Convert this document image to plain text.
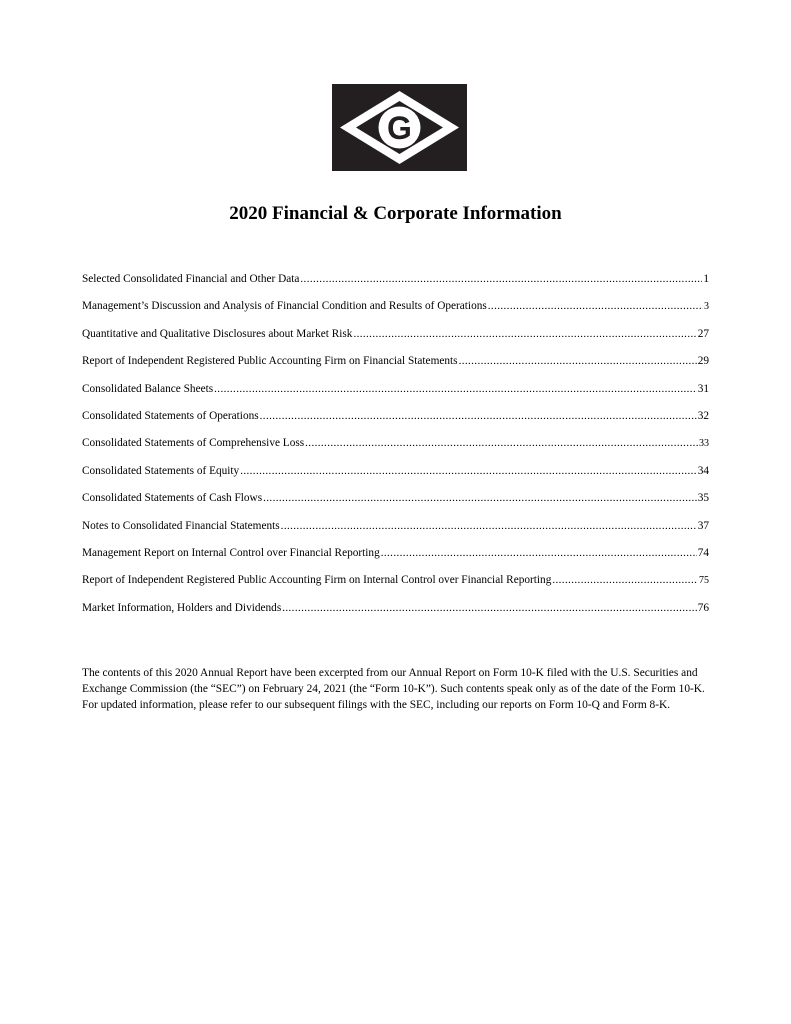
G
2020 Financial & Corporate Information
Selected Consolidated Financial and Other Data .....	1
Management’s Discussion and Analysis of Financial Condition and Results of Operations .....	3
Quantitative and Qualitative Disclosures about Market Risk .....	27
Report of Independent Registered Public Accounting Firm on Financial Statements .....	29
Consolidated Balance Sheets .....	31
Consolidated Statements of Operations .....	32
Consolidated Statements of Comprehensive Loss .....	33
Consolidated Statements of Equity .....	34
Consolidated Statements of Cash Flows .....	35
Notes to Consolidated Financial Statements .....	37
Management Report on Internal Control over Financial Reporting .....	74
Report of Independent Registered Public Accounting Firm on Internal Control over Financial Reporting .....	75
Market Information, Holders and Dividends .....	76

The contents of this 2020 Annual Report have been excerpted from our Annual Report on Form 10-K filed with the U.S. Securities and Exchange Commission (the “SEC”) on February 24, 2021 (the “Form 10-K”). Such contents speak only as of the date of the Form 10-K. For updated information, please refer to our subsequent filings with the SEC, including our reports on Form 10-Q and Form 8-K.
